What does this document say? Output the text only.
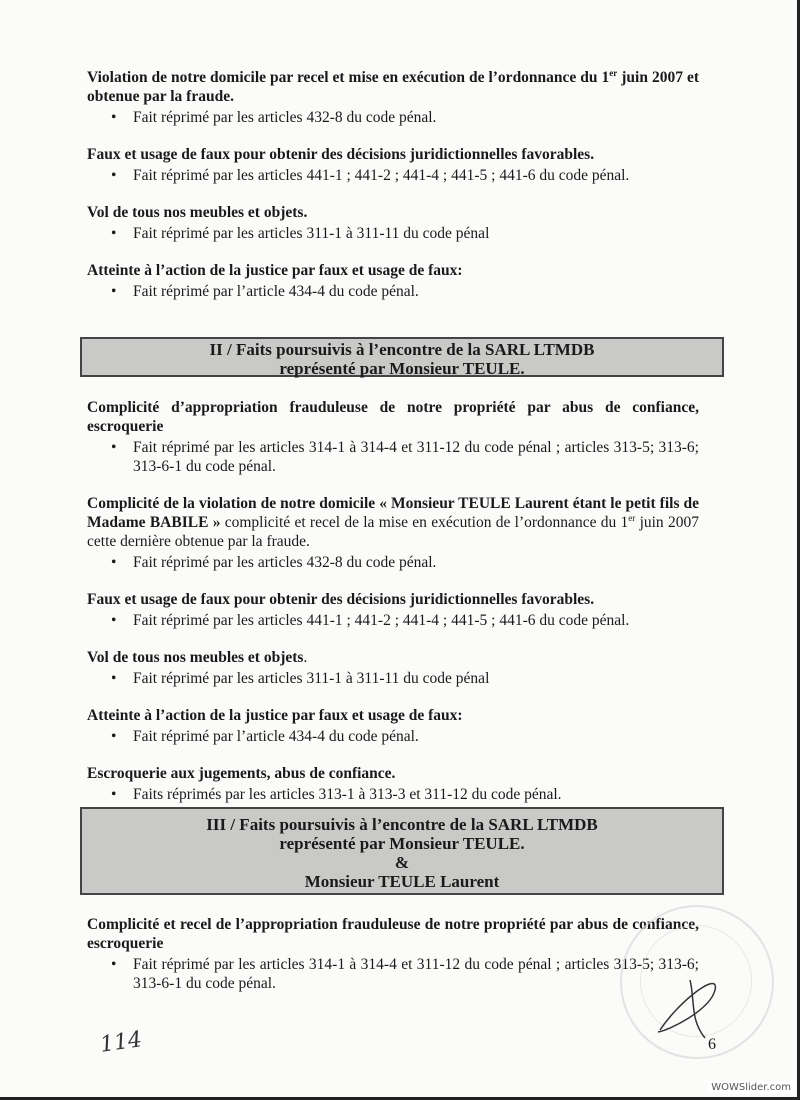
Violation de notre domicile par recel et mise en exécution de l’ordonnance du 1er juin 2007 et obtenue par la fraude.
• Fait réprimé par les articles 432-8 du code pénal.
Faux et usage de faux pour obtenir des décisions juridictionnelles favorables.
• Fait réprimé par les articles 441-1 ; 441-2 ; 441-4 ; 441-5 ; 441-6 du code pénal.
Vol de tous nos meubles et objets.
• Fait réprimé par les articles 311-1 à 311-11 du code pénal
Atteinte à l’action de la justice par faux et usage de faux:
• Fait réprimé par l’article 434-4 du code pénal.
II / Faits poursuivis à l’encontre de la SARL LTMDB
représenté par Monsieur TEULE.
Complicité d’appropriation frauduleuse de notre propriété par abus de confiance, escroquerie
• Fait réprimé par les articles 314-1 à 314-4 et 311-12 du code pénal ; articles 313-5; 313-6; 313-6-1 du code pénal.
Complicité de la violation de notre domicile « Monsieur TEULE Laurent étant le petit fils de Madame BABILE » complicité et recel de la mise en exécution de l’ordonnance du 1er juin 2007 cette dernière obtenue par la fraude.
• Fait réprimé par les articles 432-8 du code pénal.
Faux et usage de faux pour obtenir des décisions juridictionnelles favorables.
• Fait réprimé par les articles 441-1 ; 441-2 ; 441-4 ; 441-5 ; 441-6 du code pénal.
Vol de tous nos meubles et objets.
• Fait réprimé par les articles 311-1 à 311-11 du code pénal
Atteinte à l’action de la justice par faux et usage de faux:
• Fait réprimé par l’article 434-4 du code pénal.
Escroquerie aux jugements, abus de confiance.
• Faits réprimés par les articles 313-1 à 313-3 et 311-12 du code pénal.
III / Faits poursuivis à l’encontre de la SARL LTMDB
représenté par Monsieur TEULE.
&
Monsieur TEULE Laurent
Complicité et recel de l’appropriation frauduleuse de notre propriété par abus de confiance, escroquerie
• Fait réprimé par les articles 314-1 à 314-4 et 311-12 du code pénal ; articles 313-5; 313-6; 313-6-1 du code pénal.
114	6
WOWSlider.com
